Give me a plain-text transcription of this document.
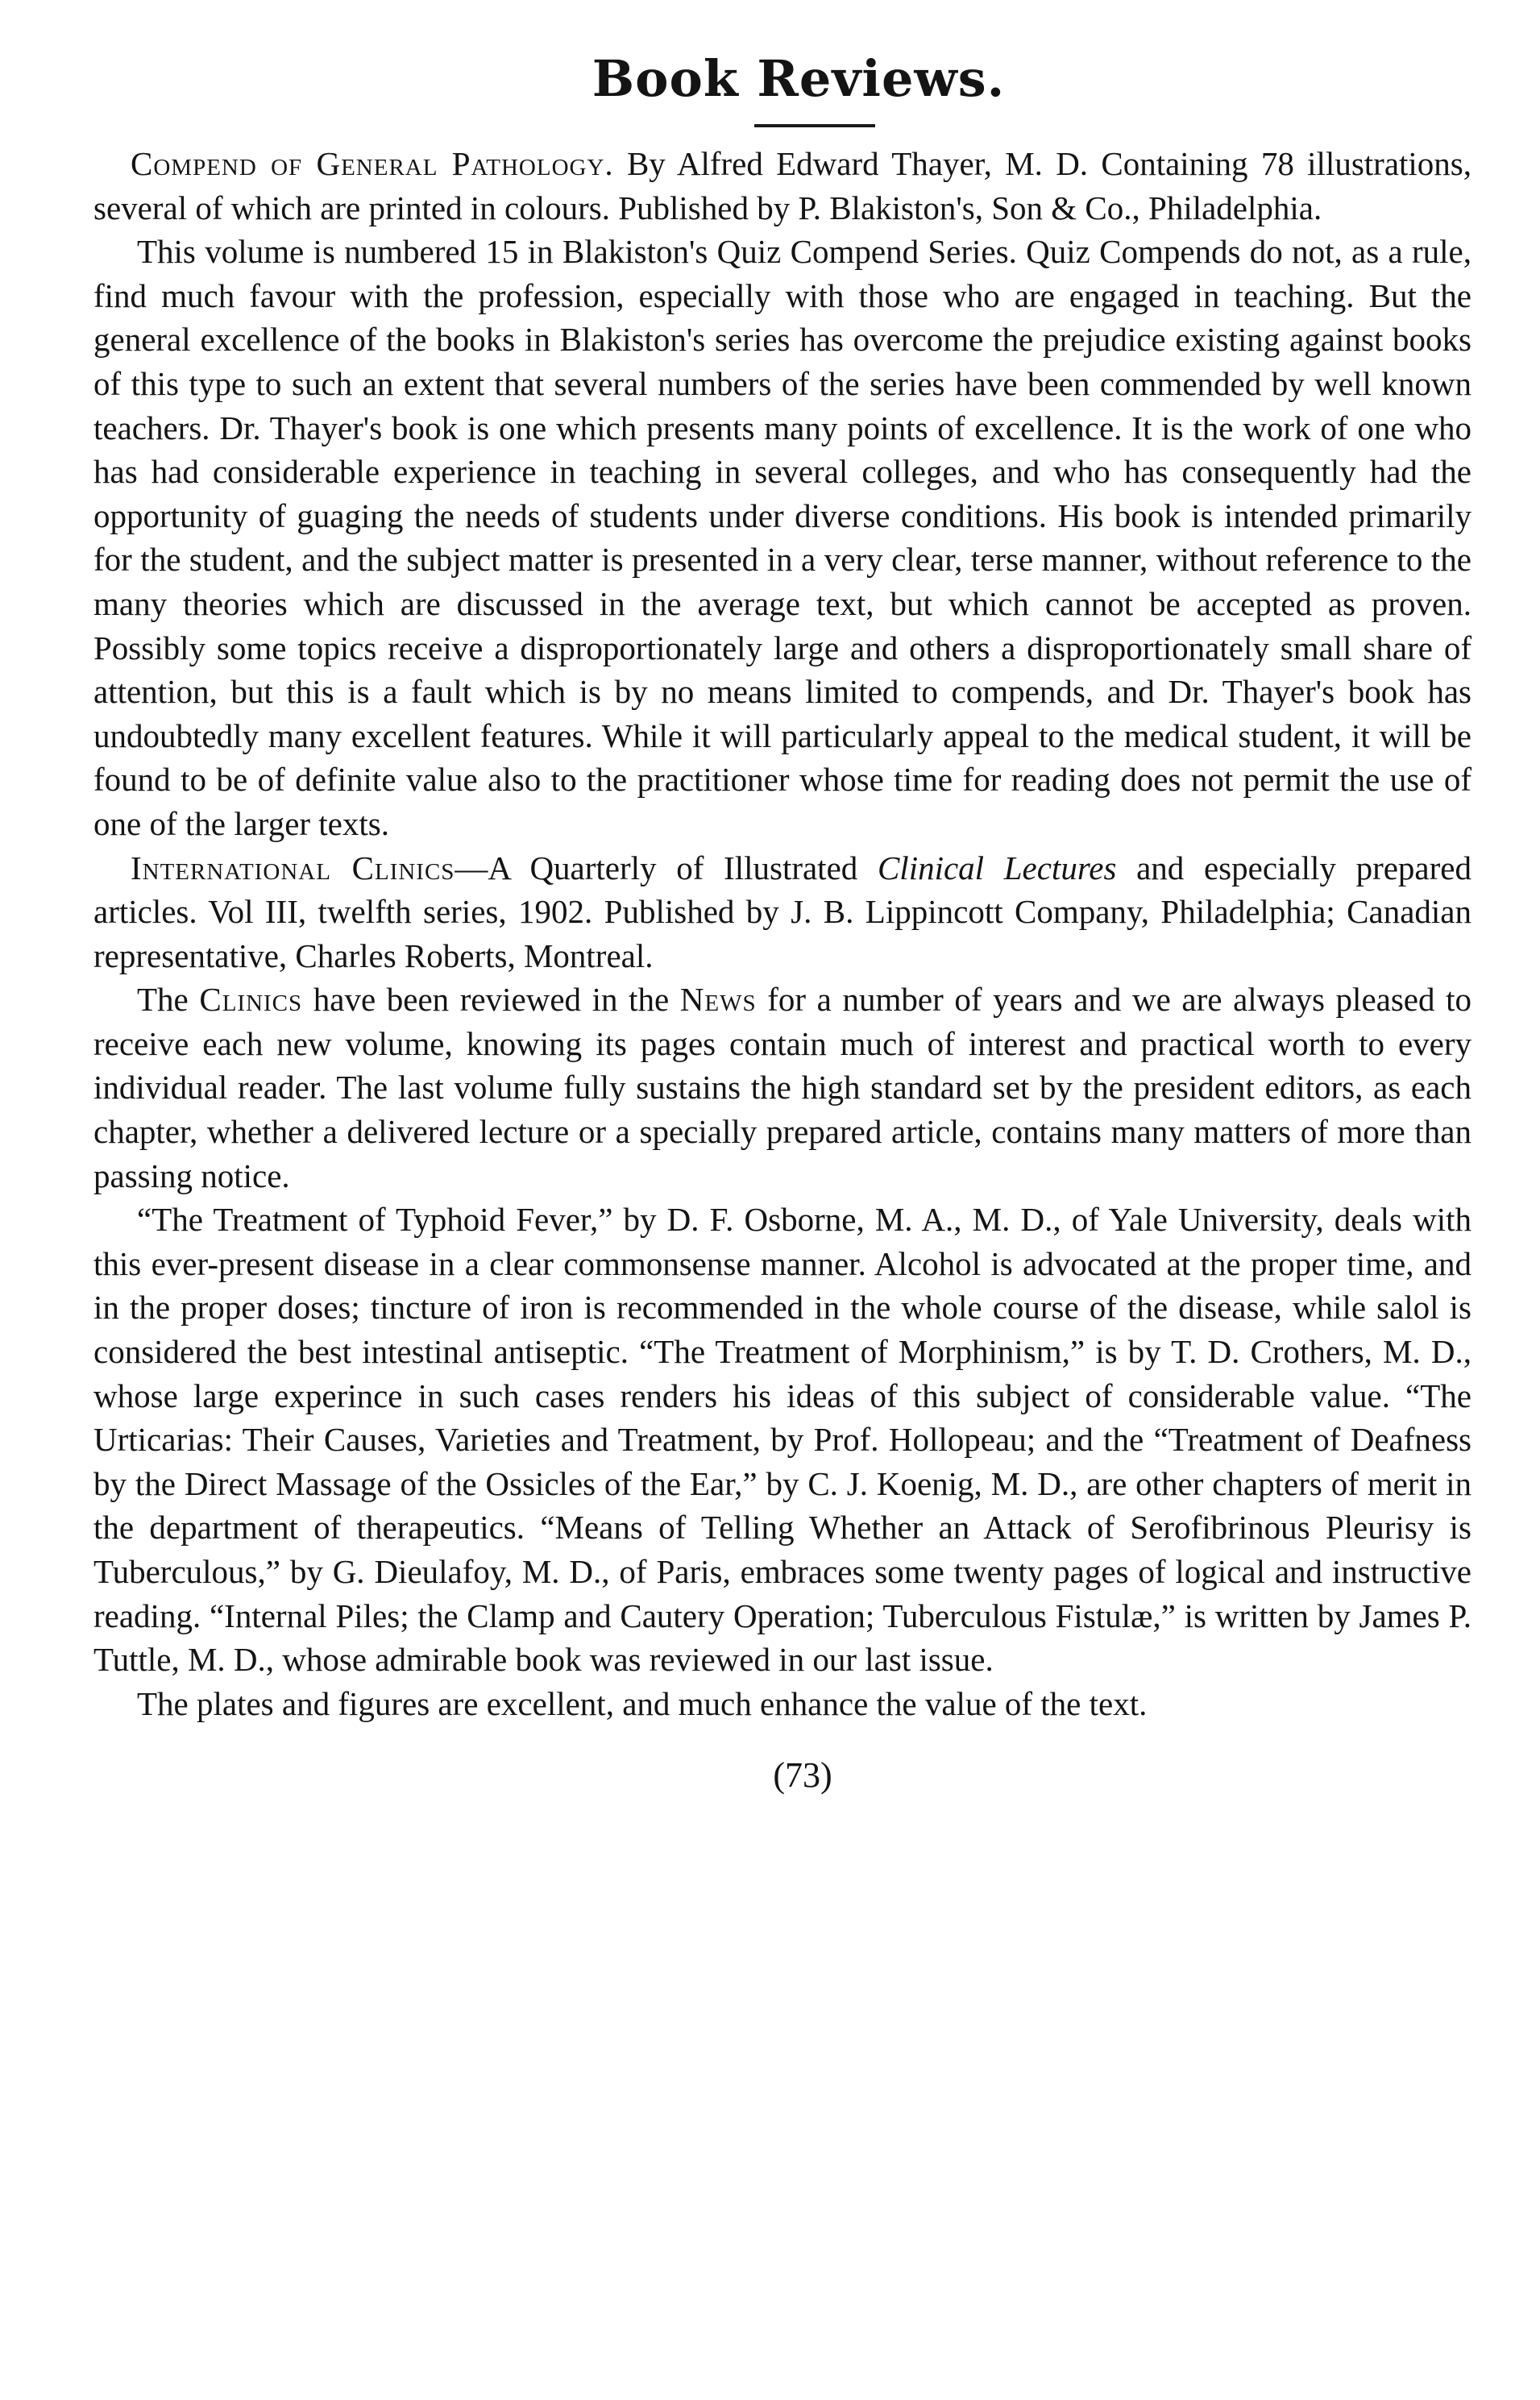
Book Reviews.

Compend of General Pathology. By Alfred Edward Thayer, M. D. Containing 78 illustrations, several of which are printed in colours. Published by P. Blakiston's, Son & Co., Philadelphia.

This volume is numbered 15 in Blakiston's Quiz Compend Series. Quiz Compends do not, as a rule, find much favour with the profession, especially with those who are engaged in teaching. But the general excellence of the books in Blakiston's series has overcome the prejudice existing against books of this type to such an extent that several numbers of the series have been commended by well known teachers. Dr. Thayer's book is one which presents many points of excellence. It is the work of one who has had considerable experience in teaching in several colleges, and who has consequently had the opportunity of guaging the needs of students under diverse conditions. His book is intended primarily for the student, and the subject matter is presented in a very clear, terse manner, without reference to the many theories which are discussed in the average text, but which cannot be accepted as proven. Possibly some topics receive a disproportionately large and others a disproportionately small share of attention, but this is a fault which is by no means limited to compends, and Dr. Thayer's book has undoubtedly many excellent features. While it will particularly appeal to the medical student, it will be found to be of definite value also to the practitioner whose time for reading does not permit the use of one of the larger texts.

International Clinics—A Quarterly of Illustrated Clinical Lectures and especially prepared articles. Vol III, twelfth series, 1902. Published by J. B. Lippincott Company, Philadelphia; Canadian representative, Charles Roberts, Montreal.

The Clinics have been reviewed in the News for a number of years and we are always pleased to receive each new volume, knowing its pages contain much of interest and practical worth to every individual reader. The last volume fully sustains the high standard set by the president editors, as each chapter, whether a delivered lecture or a specially prepared article, contains many matters of more than passing notice.

“The Treatment of Typhoid Fever,” by D. F. Osborne, M. A., M. D., of Yale University, deals with this ever-present disease in a clear commonsense manner. Alcohol is advocated at the proper time, and in the proper doses; tincture of iron is recommended in the whole course of the disease, while salol is considered the best intestinal antiseptic. “The Treatment of Morphinism,” is by T. D. Crothers, M. D., whose large experince in such cases renders his ideas of this subject of considerable value. “The Urticarias: Their Causes, Varieties and Treatment, by Prof. Hollopeau; and the “Treatment of Deafness by the Direct Massage of the Ossicles of the Ear,” by C. J. Koenig, M. D., are other chapters of merit in the department of therapeutics. “Means of Telling Whether an Attack of Serofibrinous Pleurisy is Tuberculous,” by G. Dieulafoy, M. D., of Paris, embraces some twenty pages of logical and instructive reading. “Internal Piles; the Clamp and Cautery Operation; Tuberculous Fistulæ,” is written by James P. Tuttle, M. D., whose admirable book was reviewed in our last issue.

The plates and figures are excellent, and much enhance the value of the text.

(73)
